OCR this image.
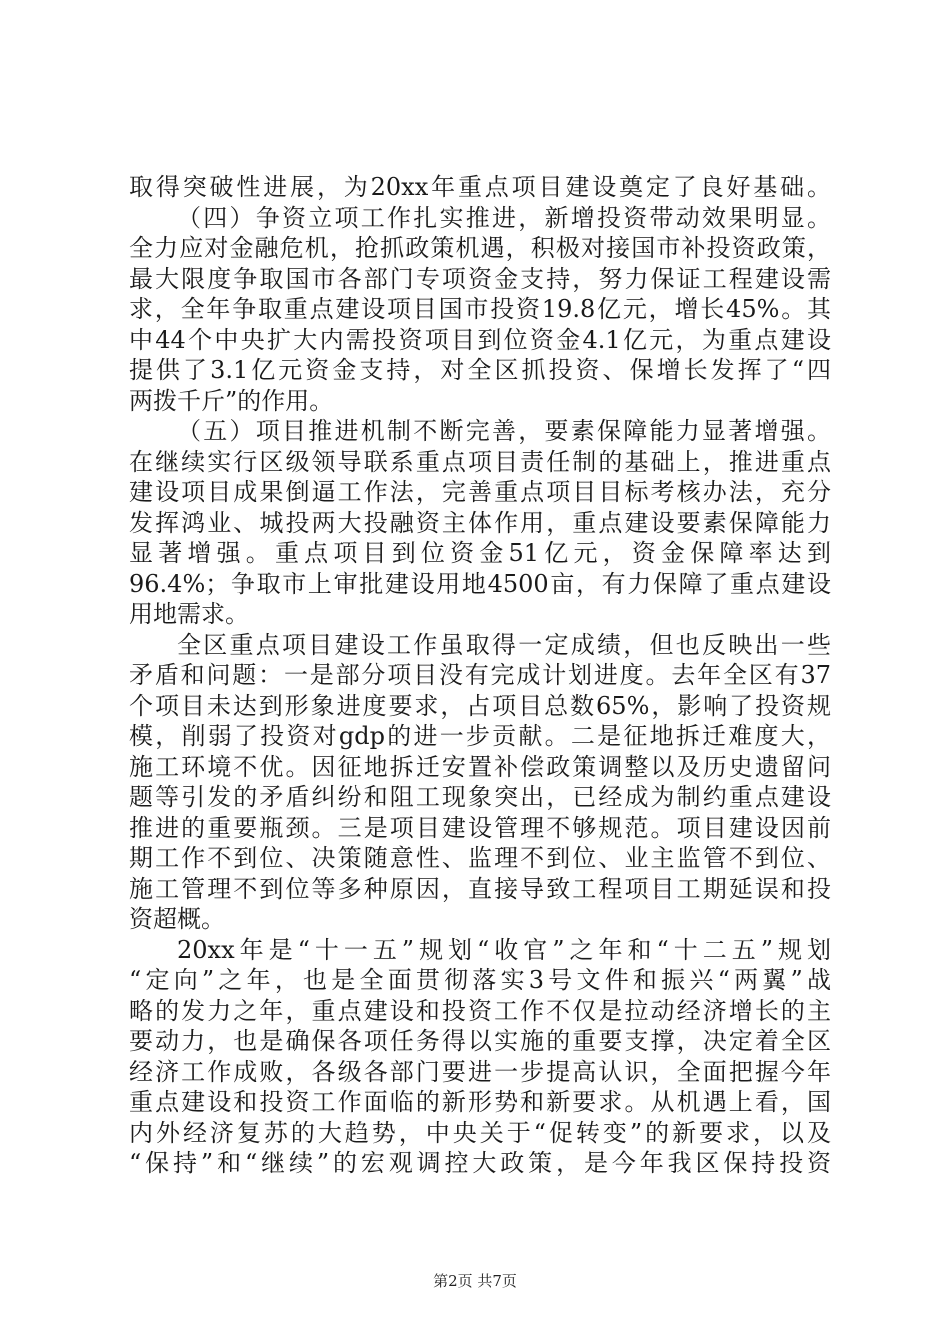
取得突破性进展，为20xx年重点项目建设奠定了良好基础。
（四）争资立项工作扎实推进，新增投资带动效果明显。
全力应对金融危机，抢抓政策机遇，积极对接国市补投资政策，
最大限度争取国市各部门专项资金支持，努力保证工程建设需
求，全年争取重点建设项目国市投资19.8亿元，增长45%。其
中44个中央扩大内需投资项目到位资金4.1亿元，为重点建设
提供了3.1亿元资金支持，对全区抓投资、保增长发挥了“四
两拨千斤”的作用。
（五）项目推进机制不断完善，要素保障能力显著增强。
在继续实行区级领导联系重点项目责任制的基础上，推进重点
建设项目成果倒逼工作法，完善重点项目目标考核办法，充分
发挥鸿业、城投两大投融资主体作用，重点建设要素保障能力
显著增强。重点项目到位资金51亿元，资金保障率达到
96.4%；争取市上审批建设用地4500亩，有力保障了重点建设
用地需求。
全区重点项目建设工作虽取得一定成绩，但也反映出一些
矛盾和问题：一是部分项目没有完成计划进度。去年全区有37
个项目未达到形象进度要求，占项目总数65%，影响了投资规
模，削弱了投资对gdp的进一步贡献。二是征地拆迁难度大，
施工环境不优。因征地拆迁安置补偿政策调整以及历史遗留问
题等引发的矛盾纠纷和阻工现象突出，已经成为制约重点建设
推进的重要瓶颈。三是项目建设管理不够规范。项目建设因前
期工作不到位、决策随意性、监理不到位、业主监管不到位、
施工管理不到位等多种原因，直接导致工程项目工期延误和投
资超概。
20xx年是“十一五”规划“收官”之年和“十二五”规划
“定向”之年，也是全面贯彻落实3号文件和振兴“两翼”战
略的发力之年，重点建设和投资工作不仅是拉动经济增长的主
要动力，也是确保各项任务得以实施的重要支撑，决定着全区
经济工作成败，各级各部门要进一步提高认识，全面把握今年
重点建设和投资工作面临的新形势和新要求。从机遇上看，国
内外经济复苏的大趋势，中央关于“促转变”的新要求，以及
“保持”和“继续”的宏观调控大政策，是今年我区保持投资
第2页 共7页
